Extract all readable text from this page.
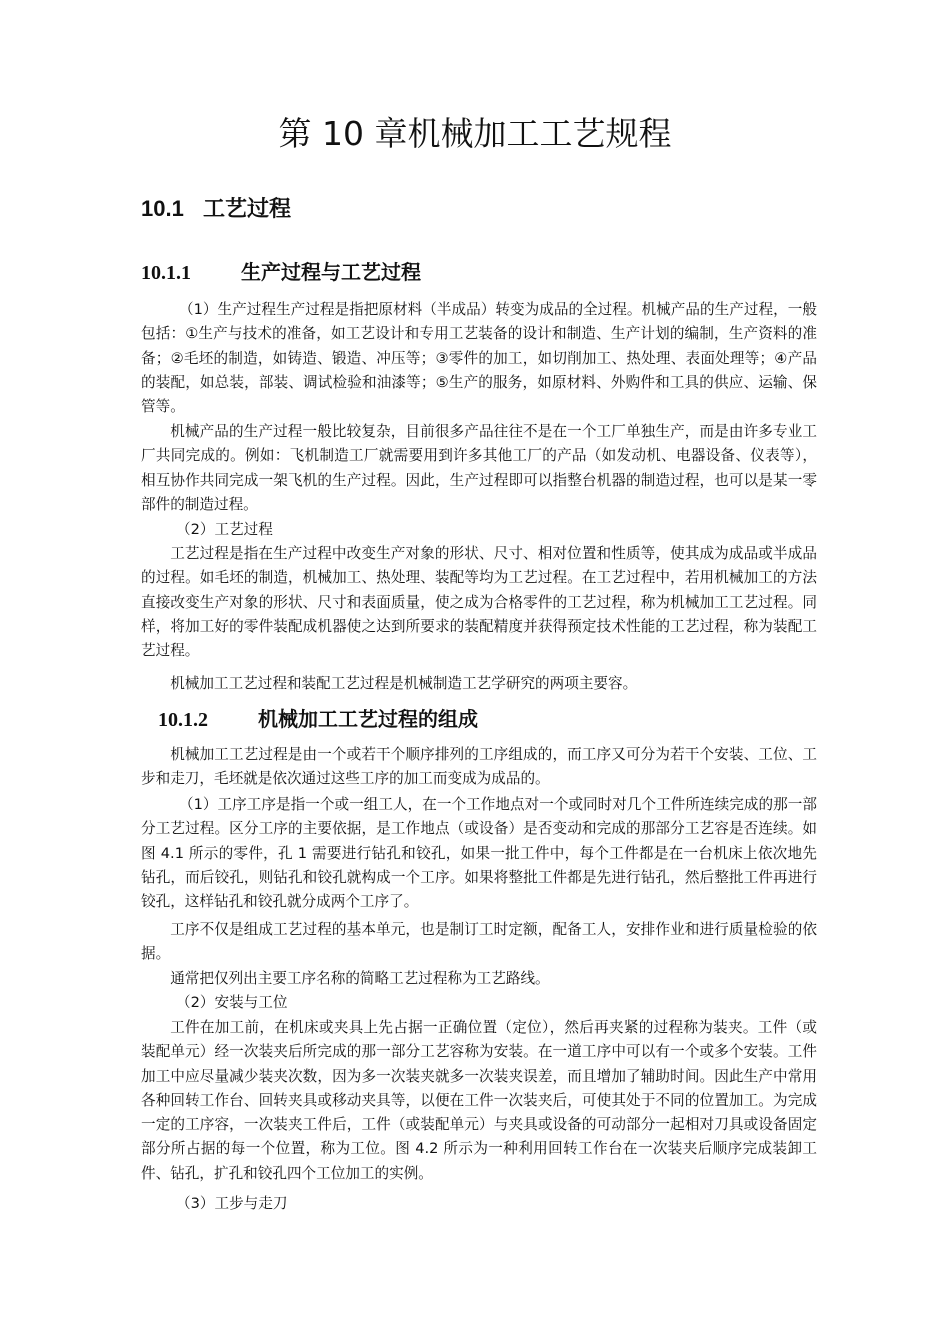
第 10 章机械加工工艺规程
10.1 工艺过程
10.1.1	生产过程与工艺过程

（1）生产过程生产过程是指把原材料（半成品）转变为成品的全过程。机械产品的生产过程，一般包括：①生产与技术的准备，如工艺设计和专用工艺装备的设计和制造、生产计划的编制，生产资料的准备；②毛坯的制造，如铸造、锻造、冲压等；③零件的加工，如切削加工、热处理、表面处理等；④产品的装配，如总装，部装、调试检验和油漆等；⑤生产的服务，如原材料、外购件和工具的供应、运输、保管等。

机械产品的生产过程一般比较复杂，目前很多产品往往不是在一个工厂单独生产，而是由许多专业工厂共同完成的。例如：飞机制造工厂就需要用到许多其他工厂的产品（如发动机、电器设备、仪表等），相互协作共同完成一架飞机的生产过程。因此，生产过程即可以指整台机器的制造过程，也可以是某一零部件的制造过程。

（2）工艺过程

工艺过程是指在生产过程中改变生产对象的形状、尺寸、相对位置和性质等，使其成为成品或半成品的过程。如毛坯的制造，机械加工、热处理、装配等均为工艺过程。在工艺过程中，若用机械加工的方法直接改变生产对象的形状、尺寸和表面质量，使之成为合格零件的工艺过程，称为机械加工工艺过程。同样，将加工好的零件装配成机器使之达到所要求的装配精度并获得预定技术性能的工艺过程，称为装配工艺过程。

机械加工工艺过程和装配工艺过程是机械制造工艺学研究的两项主要容。

10.1.2	机械加工工艺过程的组成

机械加工工艺过程是由一个或若干个顺序排列的工序组成的，而工序又可分为若干个安装、工位、工步和走刀，毛坯就是依次通过这些工序的加工而变成为成品的。

（1）工序工序是指一个或一组工人，在一个工作地点对一个或同时对几个工件所连续完成的那一部分工艺过程。区分工序的主要依据，是工作地点（或设备）是否变动和完成的那部分工艺容是否连续。如图 4.1 所示的零件，孔 1 需要进行钻孔和铰孔，如果一批工件中，每个工件都是在一台机床上依次地先钻孔，而后铰孔，则钻孔和铰孔就构成一个工序。如果将整批工件都是先进行钻孔，然后整批工件再进行铰孔，这样钻孔和铰孔就分成两个工序了。

工序不仅是组成工艺过程的基本单元，也是制订工时定额，配备工人，安排作业和进行质量检验的依据。

通常把仅列出主要工序名称的简略工艺过程称为工艺路线。

（2）安装与工位

工件在加工前，在机床或夹具上先占据一正确位置（定位），然后再夹紧的过程称为装夹。工件（或装配单元）经一次装夹后所完成的那一部分工艺容称为安装。在一道工序中可以有一个或多个安装。工件加工中应尽量减少装夹次数，因为多一次装夹就多一次装夹误差，而且增加了辅助时间。因此生产中常用各种回转工作台、回转夹具或移动夹具等，以便在工件一次装夹后，可使其处于不同的位置加工。为完成一定的工序容，一次装夹工件后，工件（或装配单元）与夹具或设备的可动部分一起相对刀具或设备固定部分所占据的每一个位置，称为工位。图 4.2 所示为一种利用回转工作台在一次装夹后顺序完成装卸工件、钻孔，扩孔和铰孔四个工位加工的实例。

（3）工步与走刀
